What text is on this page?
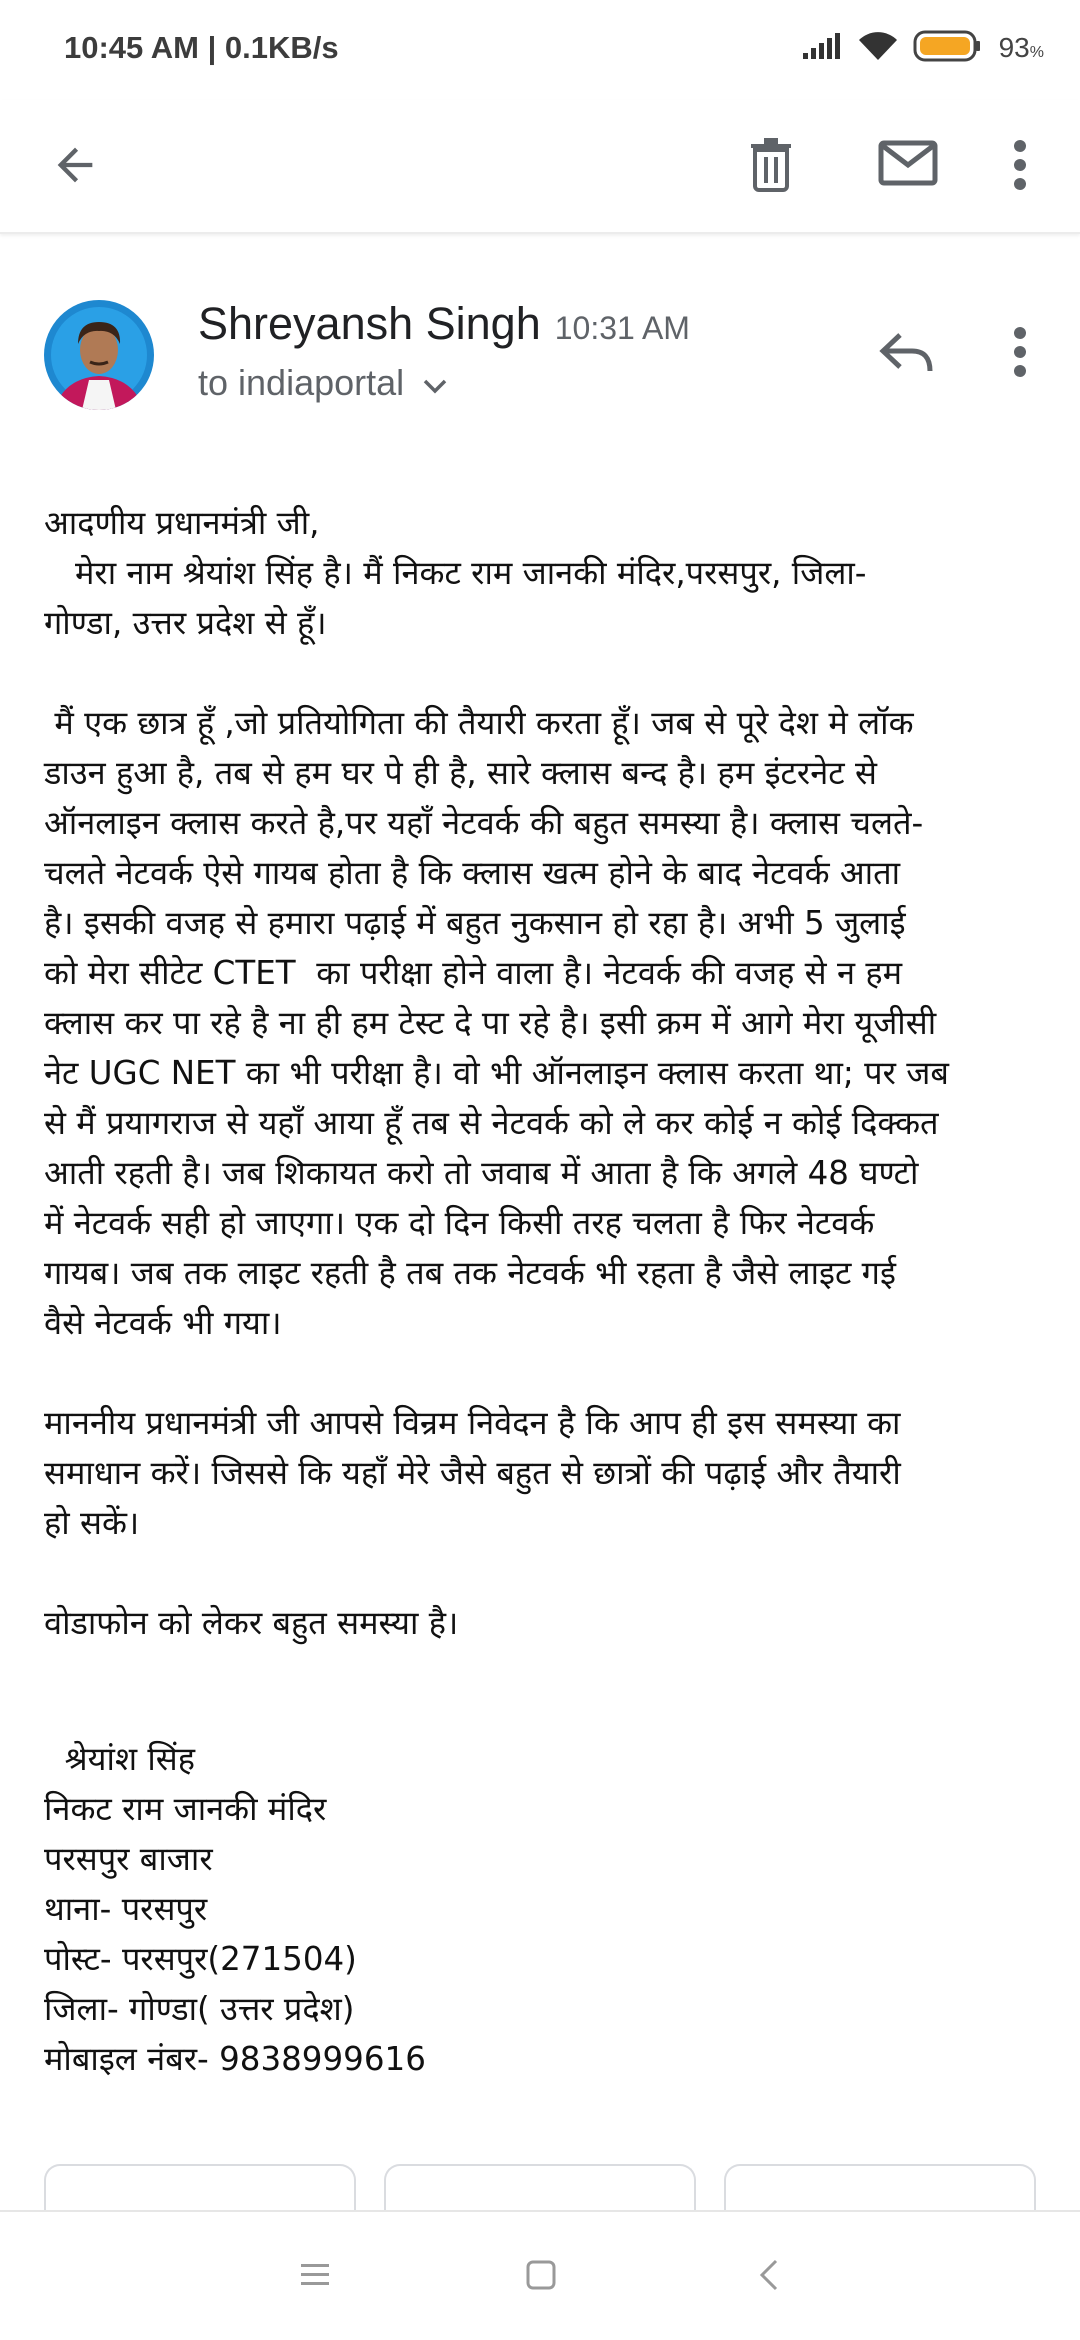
10:45 AM | 0.1KB/s	93%
Shreyansh Singh 10:31 AM
to indiaportal

आदणीय प्रधानमंत्री जी,

मेरा नाम श्रेयांश सिंह है। मैं निकट राम जानकी मंदिर,परसपुर, जिला-
गोण्डा, उत्तर प्रदेश से हूँ।

मैं एक छात्र हूँ ,जो प्रतियोगिता की तैयारी करता हूँ। जब से पूरे देश मे लॉक
डाउन हुआ है, तब से हम घर पे ही है, सारे क्लास बन्द है। हम इंटरनेट से
ऑनलाइन क्लास करते है,पर यहाँ नेटवर्क की बहुत समस्या है। क्लास चलते-
चलते नेटवर्क ऐसे गायब होता है कि क्लास खत्म होने के बाद नेटवर्क आता
है। इसकी वजह से हमारा पढ़ाई में बहुत नुकसान हो रहा है। अभी 5 जुलाई
को मेरा सीटेट CTET  का परीक्षा होने वाला है। नेटवर्क की वजह से न हम
क्लास कर पा रहे है ना ही हम टेस्ट दे पा रहे है। इसी क्रम में आगे मेरा यूजीसी
नेट UGC NET का भी परीक्षा है। वो भी ऑनलाइन क्लास करता था; पर जब
से मैं प्रयागराज से यहाँ आया हूँ तब से नेटवर्क को ले कर कोई न कोई दिक्कत
आती रहती है। जब शिकायत करो तो जवाब में आता है कि अगले 48 घण्टो
में नेटवर्क सही हो जाएगा। एक दो दिन किसी तरह चलता है फिर नेटवर्क
गायब। जब तक लाइट रहती है तब तक नेटवर्क भी रहता है जैसे लाइट गई
वैसे नेटवर्क भी गया।

माननीय प्रधानमंत्री जी आपसे विन्रम निवेदन है कि आप ही इस समस्या का
समाधान करें। जिससे कि यहाँ मेरे जैसे बहुत से छात्रों की पढ़ाई और तैयारी
हो सकें।

वोडाफोन को लेकर बहुत समस्या है।

श्रेयांश सिंह
निकट राम जानकी मंदिर
परसपुर बाजार
थाना- परसपुर
पोस्ट- परसपुर(271504)
जिला- गोण्डा( उत्तर प्रदेश)
मोबाइल नंबर- 9838999616
